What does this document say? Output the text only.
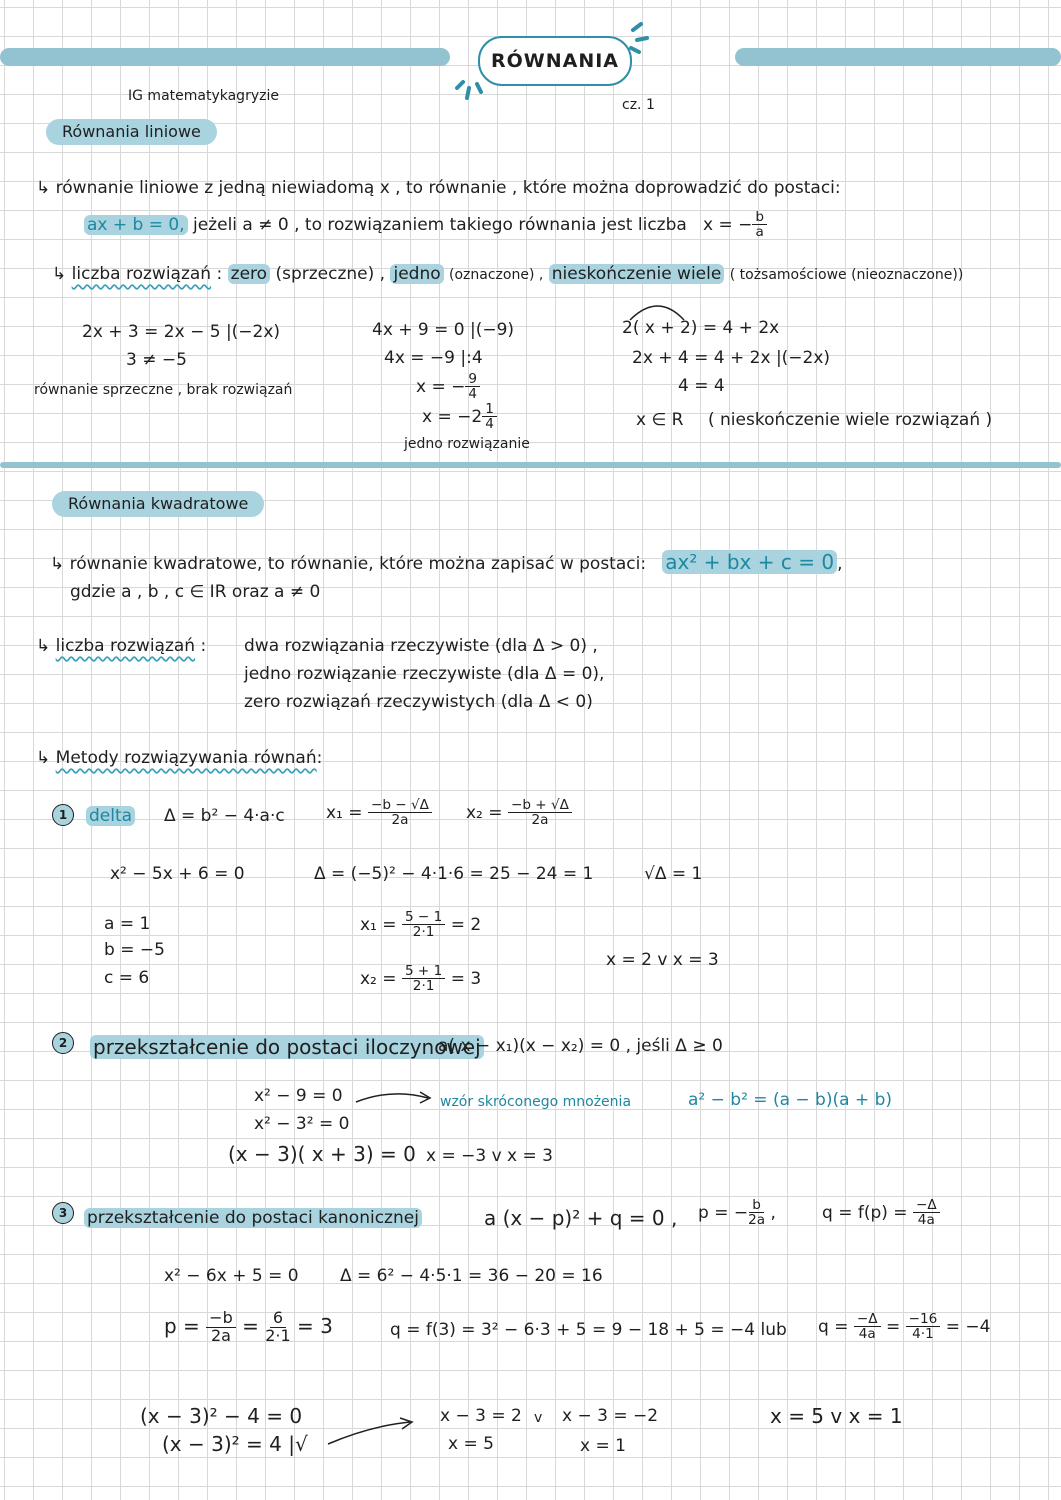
RÓWNANIA
IG matematykagryzie
cz. 1
Równania liniowe
↳ równanie liniowe z jedną niewiadomą x , to równanie , które można doprowadzić do postaci:
ax + b = 0, jeżeli a ≠ 0 , to rozwiązaniem takiego równania jest liczba x = − $\frac{b}{a}$
↳ liczba rozwiązań : zero (sprzeczne) , jedno (oznaczone) , nieskończenie wiele ( tożsamościowe (nieoznaczone))
2x + 3 = 2x − 5 |(−2x)
3 ≠ −5
równanie sprzeczne , brak rozwiązań
4x + 9 = 0 |(−9)
4x = −9 |:4
x = − $\frac{9}{4}$
$x = -2 \frac{1}{4}$
jedno rozwiązanie
2( x + 2) = 4 + 2x
2x + 4 = 4 + 2x |(−2x)
4 = 4
x ∈ R ( nieskończenie wiele rozwiązań )
Równania kwadratowe
↳ równanie kwadratowe, to równanie, które można zapisać w postaci: ax² + bx + c = 0 ,
gdzie a , b , c ∈ IR oraz a ≠ 0
↳ liczba rozwiązań : dwa rozwiązania rzeczywiste (dla Δ > 0) ,
jedno rozwiązanie rzeczywiste (dla Δ = 0),
zero rozwiązań rzeczywistych (dla Δ < 0)
↳ Metody rozwiązywania równań:
1	delta Δ = b² − 4·a·c $x_1 = \frac{-b - √\Delta}{2a} x_2 = \frac{-b + √\Delta}{2a}$
x² − 5x + 6 = 0	Δ = (−5)² − 4·1·6 = 25 − 24 = 1	√Δ = 1
a = 1
b = −5
c = 6
$x_1 = \frac{5 - 1}{2\cdot 1} = 2$
$x_2 = \frac{5 + 1}{2\cdot 1} = 3$
x = 2 v x = 3
2	przekształcenie do postaci iloczynowej
a( x − x₁)(x − x₂) = 0 , jeśli Δ ≥ 0
x² − 9 = 0	wzór skróconego mnożenia	a² − b² = (a − b)(a + b)
x² − 3² = 0
(x − 3)( x + 3) = 0 x = −3 v x = 3
3	przekształcenie do postaci kanonicznej	a (x − p)² + q = 0 , p = − $\frac{b}{2a}$ ,	$q = f(p) = \frac{-\Delta}{4a}$
x² − 6x + 5 = 0 Δ = 6² − 4·5·1 = 36 − 20 = 16
$p = \frac{-b}{2a} = \frac{6}{2\cdot 1} = 3$	q = f(3) = 3² − 6·3 + 5 = 9 − 18 + 5 = −4 lub $q = \frac{-\Delta}{4a} = \frac{-16}{4\cdot 1} = -4$
(x − 3)² − 4 = 0
(x − 3)² = 4 |√
x − 3 = 2 v x − 3 = −2
x = 5	x = 1
x = 5 v x = 1
